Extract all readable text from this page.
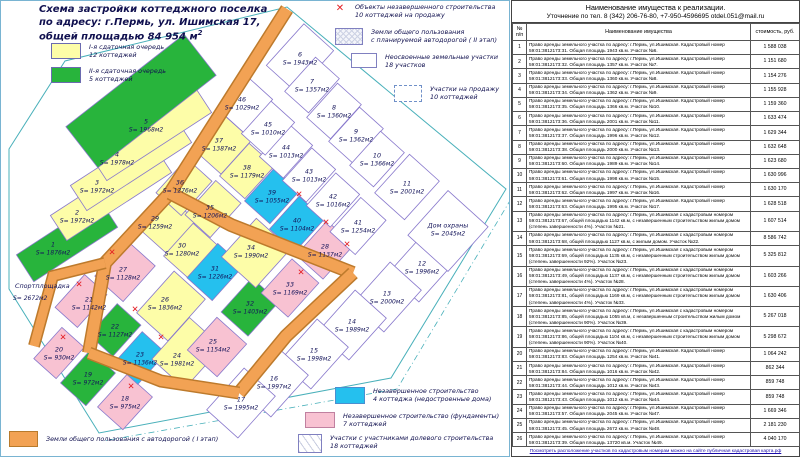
1
S= 1876м2
2
S= 1972м2
3
S= 1972м2
4
S= 1978м2
5
S= 1968м2
6
S= 1943м2
7
S= 1357м2
8
S= 1360м2
9
S= 1362м2
10
S= 1366м2
11
S= 2001м2
12
S= 1996м2
13
S= 2000м2
14
S= 1989м2
15
S= 1998м2
16
S= 1997м2
17
S= 1995м2
18
S= 975м2
19
S= 972м2
20
S= 930м2
21
S= 1142м2
22
S= 1127м2
23
S= 1136м2
24
S= 1981м2
25
S= 1154м2
26
S= 1836м2
27
S= 1128м2
28
S= 1137м2
29
S= 1259м2
30
S= 1280м2
31
S= 1226м2
32
S= 1403м2
33
S= 1169м2
34
S= 1990м2
35
S= 1206м2
36
S= 1276м2
37
S= 1387м2
38
S= 1179м2
39
S= 1055м2
40
S= 1104м2
41
S= 1254м2
42
S= 1016м2
43
S= 1013м2
44
S= 1013м2
45
S= 1010м2
46
S= 1029м2
Дом охраны
S= 2045м2
✕
✕
✕
✕
✕
✕
✕
✕
✕
✕
Спортплощадка
S= 2672м2
Схема застройки коттеджного поселка
по адресу: г.Пермь, ул. Ишимская 17,
общей площадью 84 954 $м^2$
I-я сдаточная очередь
12 коттеджей
II-я сдаточная очередь
5 коттеджей
✕	Объекты незавершенного строительства
10 коттеджей на продажу
Земли общего пользования
с планируемой автодорогой ( II этап)
Неосвоенные земельные участки
18 участков
Участки на продажу
10 коттеджей
Земли общего пользования с автодорогой ( I этап)
Незавершенное строительство
4 коттеджа (недостроенные дома)
Незавершенное строительство (фундаменты)
7 коттеджей
Участки с участниками долевого строительства
18 коттеджей
Наименование имущества к реализации.
Уточнение по тел. 8 (342) 206-76-80, +7-950-4596695 otdel.051@mail.ru
№ п/п	Наименование имущества	стоимость, руб.
1	Право аренды земельного участка по адресу: г.Пермь, ул.Ишимская. Кадастровый номер 59:01:3812173:31. Общая площадь 1943 кв.м. Участок №6.	1 588 038
2	Право аренды земельного участка по адресу: г.Пермь, ул.Ишимская. Кадастровый номер 59:01:3812173:32. Общая площадь 1357 кв.м. Участок №7.	1 151 680
3	Право аренды земельного участка по адресу: г.Пермь, ул.Ишимская. Кадастровый номер 59:01:3812173:33. Общая площадь 1360 кв.м. Участок №8.	1 154 276
4	Право аренды земельного участка по адресу: г.Пермь, ул.Ишимская. Кадастровый номер 59:01:3812173:34. Общая площадь 1362 кв.м. Участок №9.	1 155 928
5	Право аренды земельного участка по адресу: г.Пермь, ул.Ишимская. Кадастровый номер 59:01:3812173:35. Общая площадь 1366 кв.м. Участок №10.	1 159 360
6	Право аренды земельного участка по адресу: г.Пермь, ул.Ишимская. Кадастровый номер 59:01:3812173:36. Общая площадь 2001 кв.м. Участок №11.	1 633 474
7	Право аренды земельного участка по адресу: г.Пермь, ул.Ишимская. Кадастровый номер 59:01:3812173:37. Общая площадь 1996 кв.м. Участок №12.	1 629 344
8	Право аренды земельного участка по адресу: г.Пермь, ул.Ишимская. Кадастровый номер 59:01:3812173:38. Общая площадь 2000 кв.м. Участок №13.	1 632 648
9	Право аренды земельного участка по адресу: г.Пермь, ул.Ишимская. Кадастровый номер 59:01:3812173:60. Общая площадь 1989 кв.м. Участок №14.	1 623 680
10	Право аренды земельного участка по адресу: г.Пермь, ул.Ишимская. Кадастровый номер 59:01:3812173:61. Общая площадь 1998 кв.м. Участок №15.	1 630 996
11	Право аренды земельного участка по адресу: г.Пермь, ул.Ишимская. Кадастровый номер 59:01:3812173:62. Общая площадь 1997 кв.м. Участок №16.	1 630 170
12	Право аренды земельного участка по адресу: г.Пермь, ул.Ишимская. Кадастровый номер 59:01:3812173:63. Общая площадь 1995 кв.м. Участок №17.	1 628 518
13	Право аренды земельного участка по адресу: г.Пермь, ул.Ишимская с кадастровым номером 59:01:3812173:67, общей площадью 1142 кв.м, с незавершенным строительством жилым домом (степень завершенности 4%). Участок №21.	1 607 514
14	Право аренды земельного участка по адресу: г.Пермь, ул.Ишимская с кадастровым номером 59:01:3812173:68, общей площадью 1127 кв.м, с жилым домом. Участок №22.	8 586 742
15	Право аренды земельного участка по адресу: г.Пермь, ул.Ишимская с кадастровым номером 59:01:3812173:69, общей площадью 1135 кв.м, с незавершенным строительством жилым домом (степень завершенности 92%). Участок №23.	5 325 812
16	Право аренды земельного участка по адресу: г.Пермь, ул.Ишимская с кадастровым номером 59:01:3812173:49, общей площадью 1137 кв.м, с незавершенным строительством жилым домом (степень завершенности 4%). Участок №28.	1 603 266
17	Право аренды земельного участка по адресу: г.Пермь, ул.Ишимская с кадастровым номером 59:01:3812173:81, общей площадью 1169 кв.м, с незавершенным строительством жилым домом (степень завершенности 4%). Участок №33.	1 630 406
18	Право аренды земельного участка по адресу: г.Пермь, ул.Ишимская с кадастровым номером 59:01:3812173:85, общей площадью 1055 кв.м, с незавершенным строительством жилым домом (степень завершенности 90%). Участок №39.	5 267 018
19	Право аренды земельного участка по адресу: г.Пермь, ул.Ишимская с кадастровым номером 59:01:3812173:86, общей площадью 1104 кв.м, с незавершенным строительством жилым домом (степень завершенности 90%). Участок №40.	5 298 672
20	Право аренды земельного участка по адресу: г.Пермь, ул.Ишимская. Кадастровый номер 59:01:3812173:83. Общая площадь 1254 кв.м. Участок №41.	1 064 242
21	Право аренды земельного участка по адресу: г.Пермь, ул.Ишимская. Кадастровый номер 59:01:3812173:84. Общая площадь 1016 кв.м. Участок №42.	862 344
22	Право аренды земельного участка по адресу: г.Пермь, ул.Ишимская. Кадастровый номер 59:01:3812173:44. Общая площадь 1012 кв.м. Участок №43.	859 748
23	Право аренды земельного участка по адресу: г.Пермь, ул.Ишимская. Кадастровый номер 59:01:3812173:43. Общая площадь 1012 кв.м. Участок №44.	859 748
24	Право аренды земельного участка по адресу: г.Пермь, ул.Ишимская. Кадастровый номер 59:01:3812173:57. Общая площадь 2045 кв.м. Участок №47.	1 669 346
25	Право аренды земельного участка по адресу: г.Пермь, ул.Ишимская. Кадастровый номер 59:01:3812173:45. Общая площадь 2672 кв.м. Участок №48.	2 181 230
26	Право аренды земельного участка по адресу: г.Пермь, ул.Ишимская. Кадастровый номер 59:01:3812173:39. Общая площадь 13720 кв.м. Участок №49.	4 040 170
Посмотреть расположение участков по кадастровым номерам можно на сайте публичная кадастровая карта.рф
